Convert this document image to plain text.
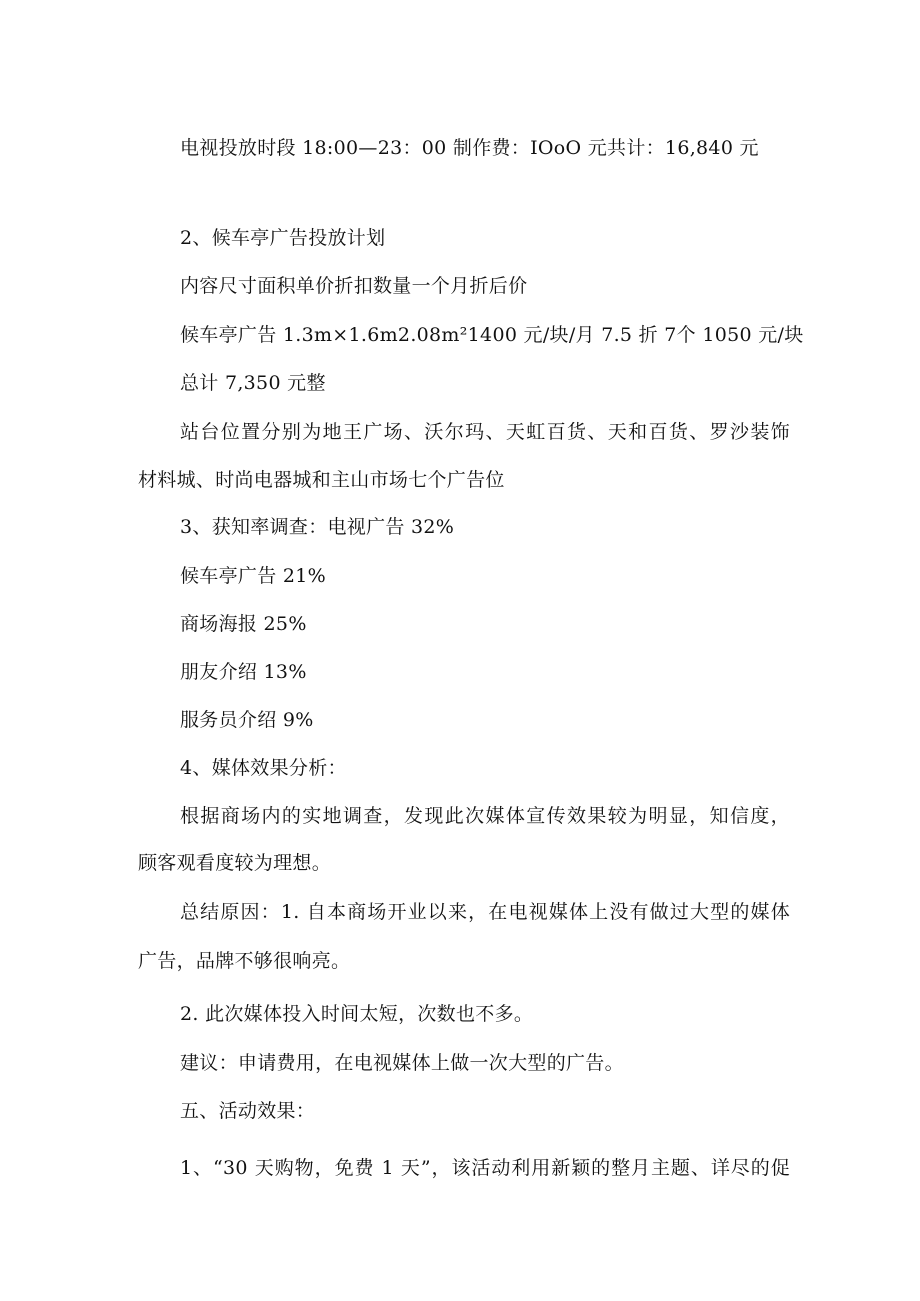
电视投放时段 18:00—23：00 制作费：IOoO 元共计：16,840 元

2、候车亭广告投放计划

内容尺寸面积单价折扣数量一个月折后价

候车亭广告 1.3m×1.6m2.08m²1400 元/块/月 7.5 折 7个 1050 元/块

总计 7,350 元整

站台位置分别为地王广场、沃尔玛、天虹百货、天和百货、罗沙装饰

材料城、时尚电器城和主山市场七个广告位

3、获知率调查：电视广告 32%

候车亭广告 21%

商场海报 25%

朋友介绍 13%

服务员介绍 9%

4、媒体效果分析：

根据商场内的实地调查，发现此次媒体宣传效果较为明显，知信度，

顾客观看度较为理想。

总结原因：1. 自本商场开业以来，在电视媒体上没有做过大型的媒体

广告，品牌不够很响亮。

2. 此次媒体投入时间太短，次数也不多。

建议：申请费用，在电视媒体上做一次大型的广告。

五、活动效果：

1、“30 天购物，免费 1 天”，该活动利用新颖的整月主题、详尽的促
